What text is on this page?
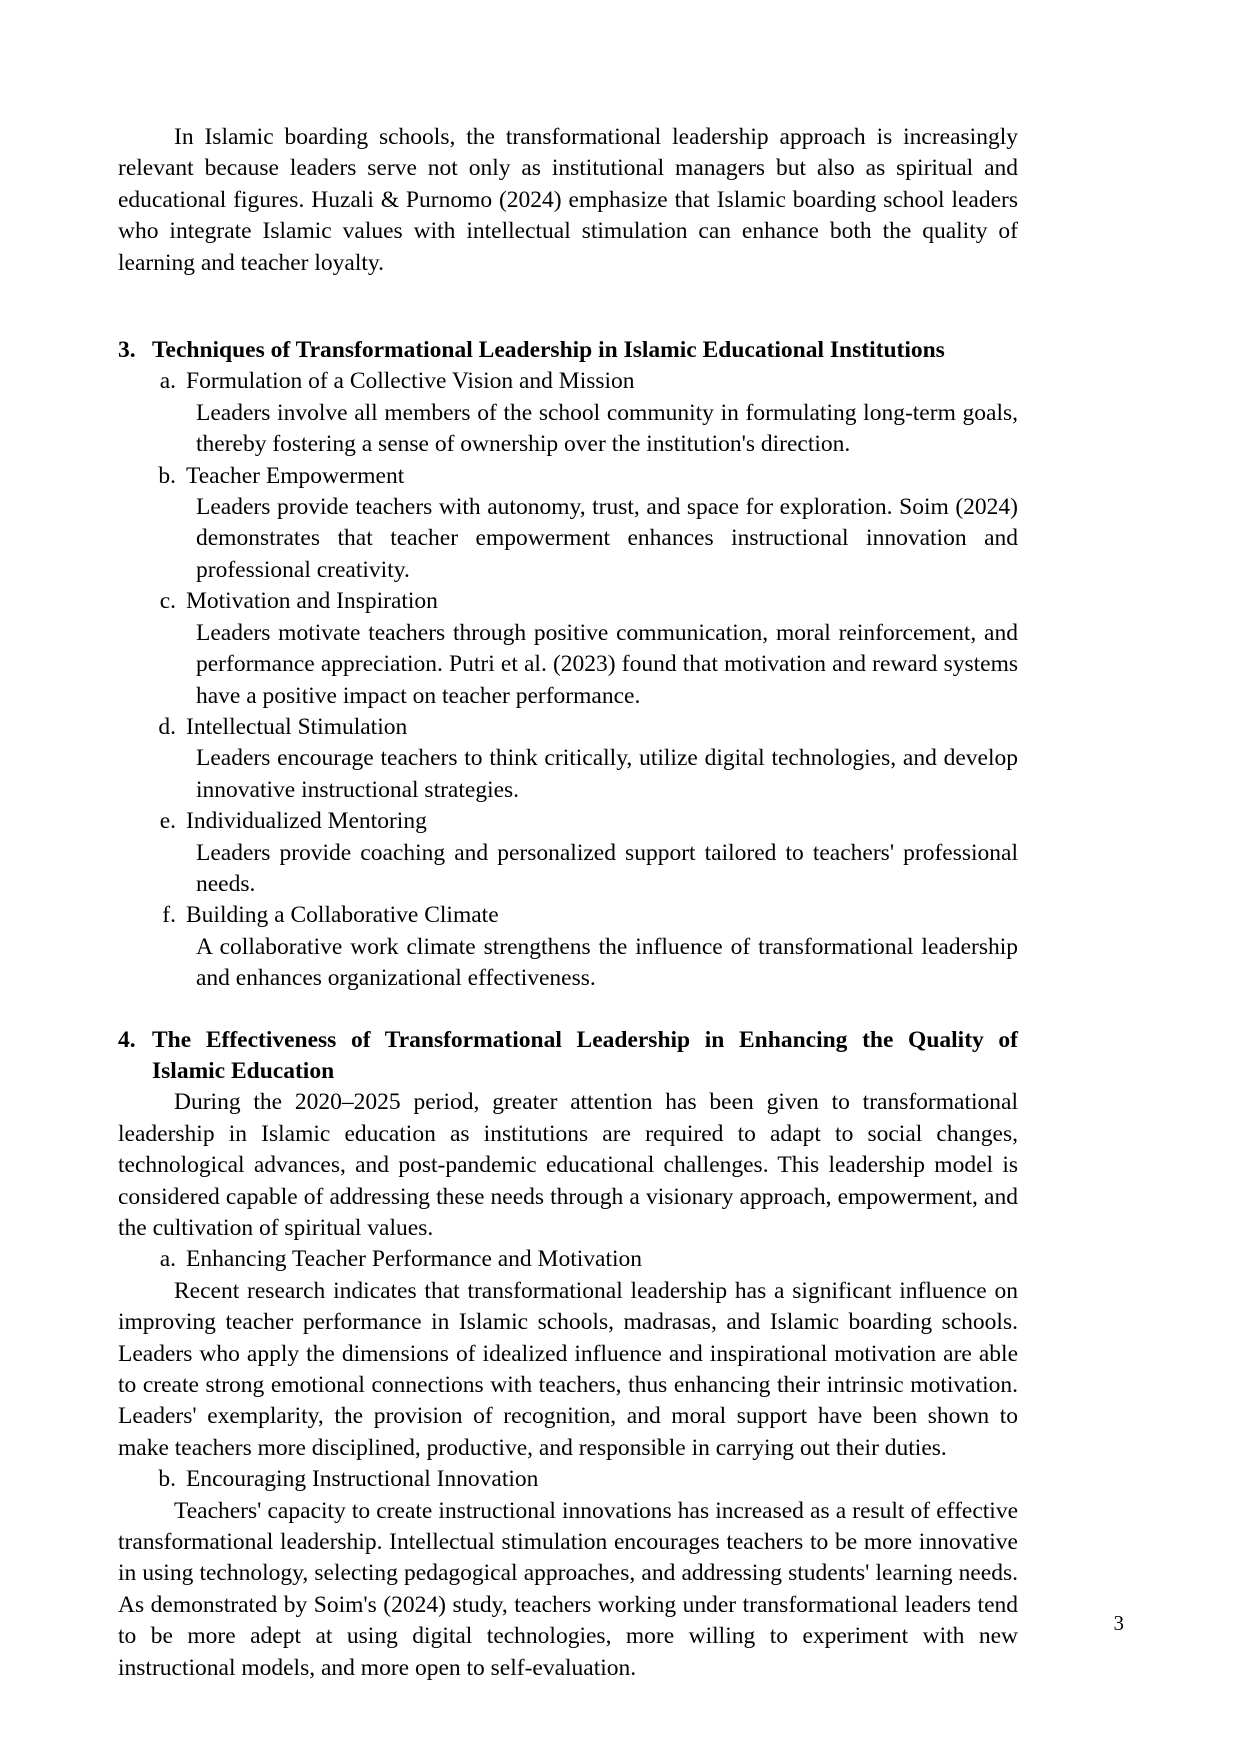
In Islamic boarding schools, the transformational leadership approach is increasingly relevant because leaders serve not only as institutional managers but also as spiritual and educational figures. Huzali & Purnomo (2024) emphasize that Islamic boarding school leaders who integrate Islamic values with intellectual stimulation can enhance both the quality of learning and teacher loyalty.

3. Techniques of Transformational Leadership in Islamic Educational Institutions
a. Formulation of a Collective Vision and Mission
Leaders involve all members of the school community in formulating long-term goals, thereby fostering a sense of ownership over the institution's direction.
b. Teacher Empowerment
Leaders provide teachers with autonomy, trust, and space for exploration. Soim (2024) demonstrates that teacher empowerment enhances instructional innovation and professional creativity.
c. Motivation and Inspiration
Leaders motivate teachers through positive communication, moral reinforcement, and performance appreciation. Putri et al. (2023) found that motivation and reward systems have a positive impact on teacher performance.
d. Intellectual Stimulation
Leaders encourage teachers to think critically, utilize digital technologies, and develop innovative instructional strategies.
e. Individualized Mentoring
Leaders provide coaching and personalized support tailored to teachers' professional needs.
f. Building a Collaborative Climate
A collaborative work climate strengthens the influence of transformational leadership and enhances organizational effectiveness.
4. The Effectiveness of Transformational Leadership in Enhancing the Quality of Islamic Education
During the 2020–2025 period, greater attention has been given to transformational leadership in Islamic education as institutions are required to adapt to social changes, technological advances, and post-pandemic educational challenges. This leadership model is considered capable of addressing these needs through a visionary approach, empowerment, and the cultivation of spiritual values.
a. Enhancing Teacher Performance and Motivation
Recent research indicates that transformational leadership has a significant influence on improving teacher performance in Islamic schools, madrasas, and Islamic boarding schools. Leaders who apply the dimensions of idealized influence and inspirational motivation are able to create strong emotional connections with teachers, thus enhancing their intrinsic motivation. Leaders' exemplarity, the provision of recognition, and moral support have been shown to make teachers more disciplined, productive, and responsible in carrying out their duties.
b. Encouraging Instructional Innovation
Teachers' capacity to create instructional innovations has increased as a result of effective transformational leadership. Intellectual stimulation encourages teachers to be more innovative in using technology, selecting pedagogical approaches, and addressing students' learning needs. As demonstrated by Soim's (2024) study, teachers working under transformational leaders tend to be more adept at using digital technologies, more willing to experiment with new instructional models, and more open to self-evaluation.
3
